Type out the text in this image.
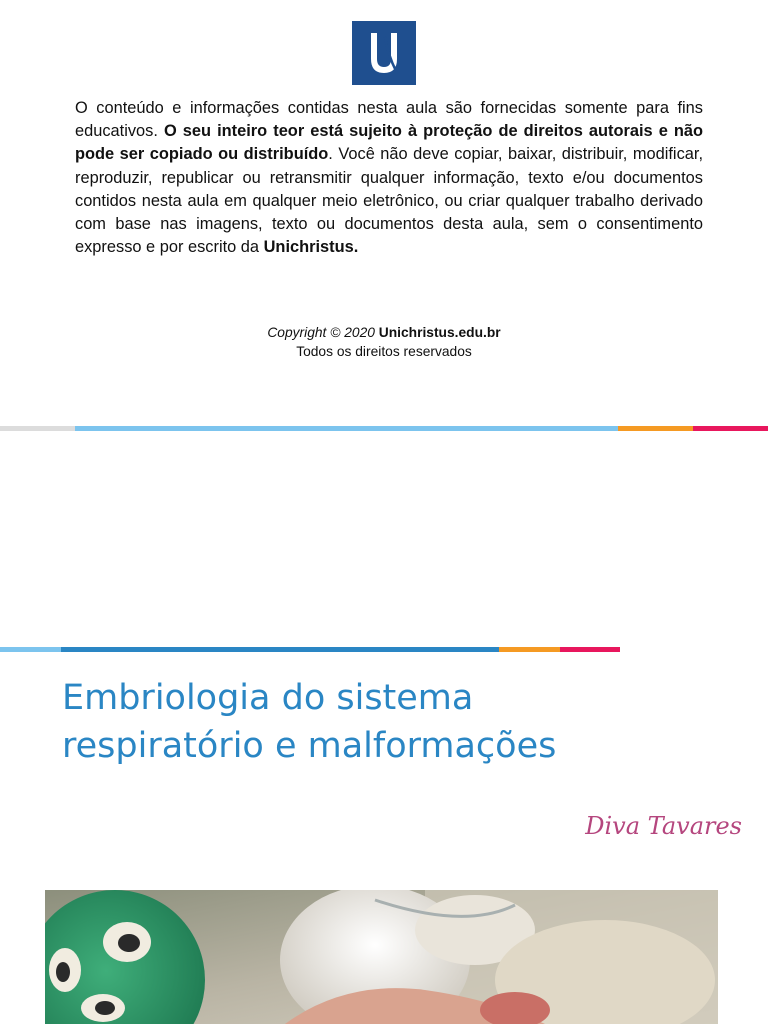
O conteúdo e informações contidas nesta aula são fornecidas somente para fins educativos. O seu inteiro teor está sujeito à proteção de direitos autorais e não pode ser copiado ou distribuído. Você não deve copiar, baixar, distribuir, modificar, reproduzir, republicar ou retransmitir qualquer informação, texto e/ou documentos contidos nesta aula em qualquer meio eletrônico, ou criar qualquer trabalho derivado com base nas imagens, texto ou documentos desta aula, sem o consentimento expresso e por escrito da Unichristus.

Copyright © 2020 Unichristus.edu.br
Todos os direitos reservados
Embriologia do sistema
respiratório e malformações
Diva Tavares
